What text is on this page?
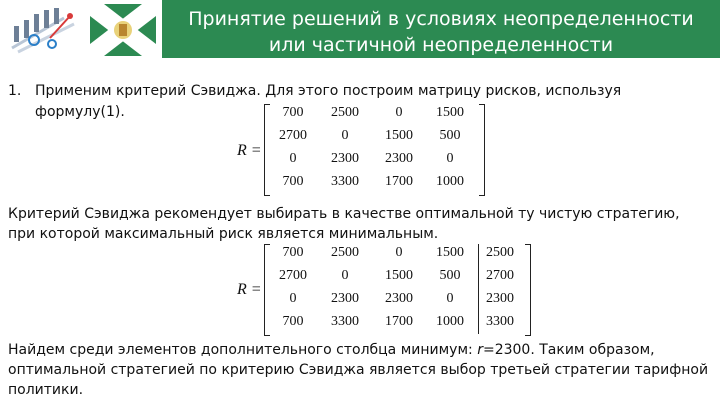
Принятие решений в условиях неопределенности
или частичной неопределенности
1. Применим критерий Сэвиджа. Для этого построим матрицу рисков, используя
формулу(1).
R =
700	2500	0	1500
2700	0	1500	500
0	2300	2300	0
700	3300	1700	1000
Критерий Сэвиджа рекомендует выбирать в качестве оптимальной ту чистую стратегию,
при которой максимальный риск является минимальным.
R =
700	2500	0	1500	2500
2700	0	1500	500	2700
0	2300	2300	0	2300
700	3300	1700	1000	3300
Найдем среди элементов дополнительного столбца минимум: r=2300. Таким образом,
оптимальной стратегией по критерию Сэвиджа является выбор третьей стратегии тарифной
политики.
